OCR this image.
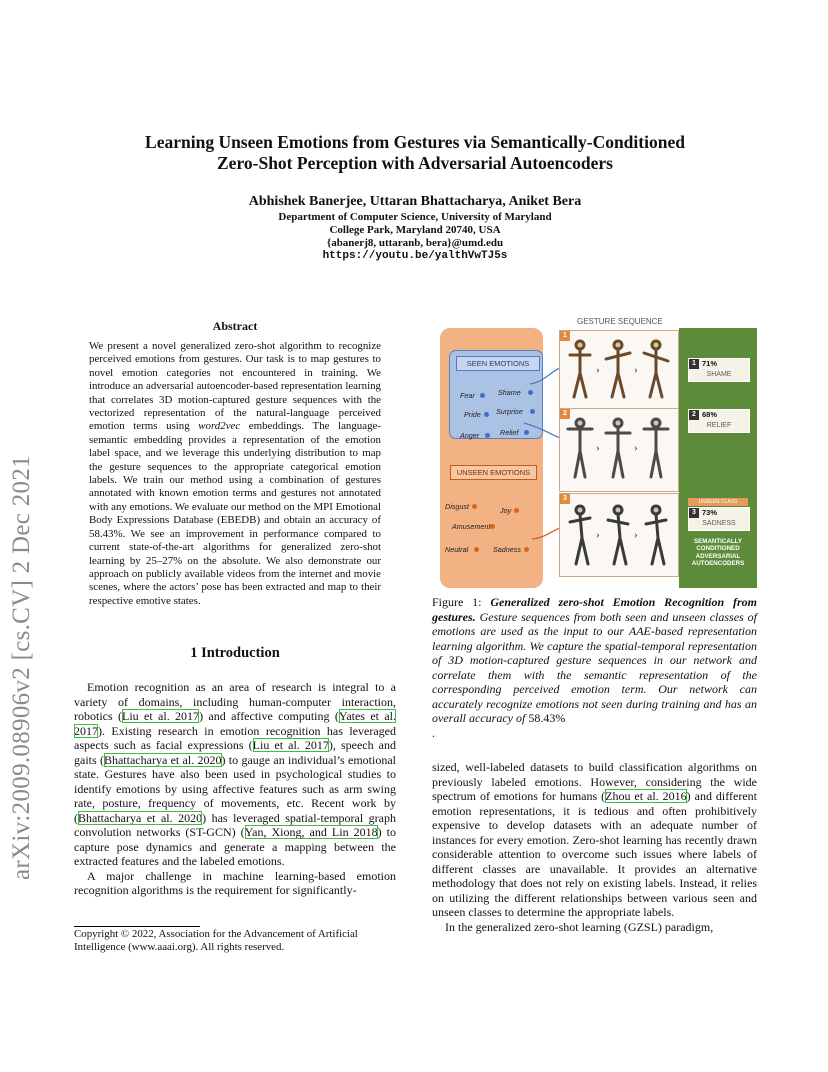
arXiv:2009.08906v2 [cs.CV] 2 Dec 2021
Learning Unseen Emotions from Gestures via Semantically-Conditioned
Zero-Shot Perception with Adversarial Autoencoders
Abhishek Banerjee, Uttaran Bhattacharya, Aniket Bera
Department of Computer Science, University of Maryland
College Park, Maryland 20740, USA
{abanerj8, uttaranb, bera}@umd.edu
https://youtu.be/yalthVwTJ5s
Abstract
We present a novel generalized zero-shot algorithm to recognize perceived emotions from gestures. Our task is to map gestures to novel emotion categories not encountered in training. We introduce an adversarial autoencoder-based representation learning that correlates 3D motion-captured gesture sequences with the vectorized representation of the natural-language perceived emotion terms using word2vec embeddings. The language-semantic embedding provides a representation of the emotion label space, and we leverage this underlying distribution to map the gesture sequences to the appropriate categorical emotion labels. We train our method using a combination of gestures annotated with known emotion terms and gestures not annotated with any emotions. We evaluate our method on the MPI Emotional Body Expressions Database (EBEDB) and obtain an accuracy of 58.43%. We see an improvement in performance compared to current state-of-the-art algorithms for generalized zero-shot learning by 25–27% on the absolute. We also demonstrate our approach on publicly available videos from the internet and movie scenes, where the actors’ pose has been extracted and map to their respective emotive states.
1 Introduction

Emotion recognition as an area of research is integral to a variety of domains, including human-computer interaction, robotics (Liu et al. 2017) and affective computing (Yates et al. 2017). Existing research in emotion recognition has leveraged aspects such as facial expressions (Liu et al. 2017), speech and gaits (Bhattacharya et al. 2020) to gauge an individual’s emotional state. Gestures have also been used in psychological studies to identify emotions by using affective features such as arm swing rate, posture, frequency of movements, etc. Recent work by (Bhattacharya et al. 2020) has leveraged spatial-temporal graph convolution networks (ST-GCN) (Yan, Xiong, and Lin 2018) to capture pose dynamics and generate a mapping between the extracted features and the labeled emotions.

A major challenge in machine learning-based emotion recognition algorithms is the requirement for significantly-

Copyright © 2022, Association for the Advancement of Artificial Intelligence (www.aaai.org). All rights reserved.
GESTURE SEQUENCE
SEEN EMOTIONS
Fear	Shame
Pride Surprise
Anger	Relief
UNSEEN EMOTIONS
Disgust	Joy
Amusement
Neutral	Sadness
1
›	›
2
›	›
3
›	›
1 71%
SHAME
2 68%
RELIEF
UNSEEN CLASS
3 73%
SADNESS
SEMANTICALLY
CONDITIONED
ADVERSARIAL
AUTOENCODERS
Figure 1: Generalized zero-shot Emotion Recognition from gestures. Gesture sequences from both seen and unseen classes of emotions are used as the input to our AAE-based representation learning algorithm. We capture the spatial-temporal representation of 3D motion-captured gesture sequences in our network and correlate them with the semantic representation of the corresponding perceived emotion term. Our network can accurately recognize emotions not seen during training and has an overall accuracy of 58.43%
.

sized, well-labeled datasets to build classification algorithms on previously labeled emotions. However, considering the wide spectrum of emotions for humans (Zhou et al. 2016) and different emotion representations, it is tedious and often prohibitively expensive to develop datasets with an adequate number of instances for every emotion. Zero-shot learning has recently drawn considerable attention to overcome such issues where labels of different classes are unavailable. It provides an alternative methodology that does not rely on existing labels. Instead, it relies on utilizing the different relationships between various seen and unseen classes to determine the appropriate labels.

In the generalized zero-shot learning (GZSL) paradigm,
